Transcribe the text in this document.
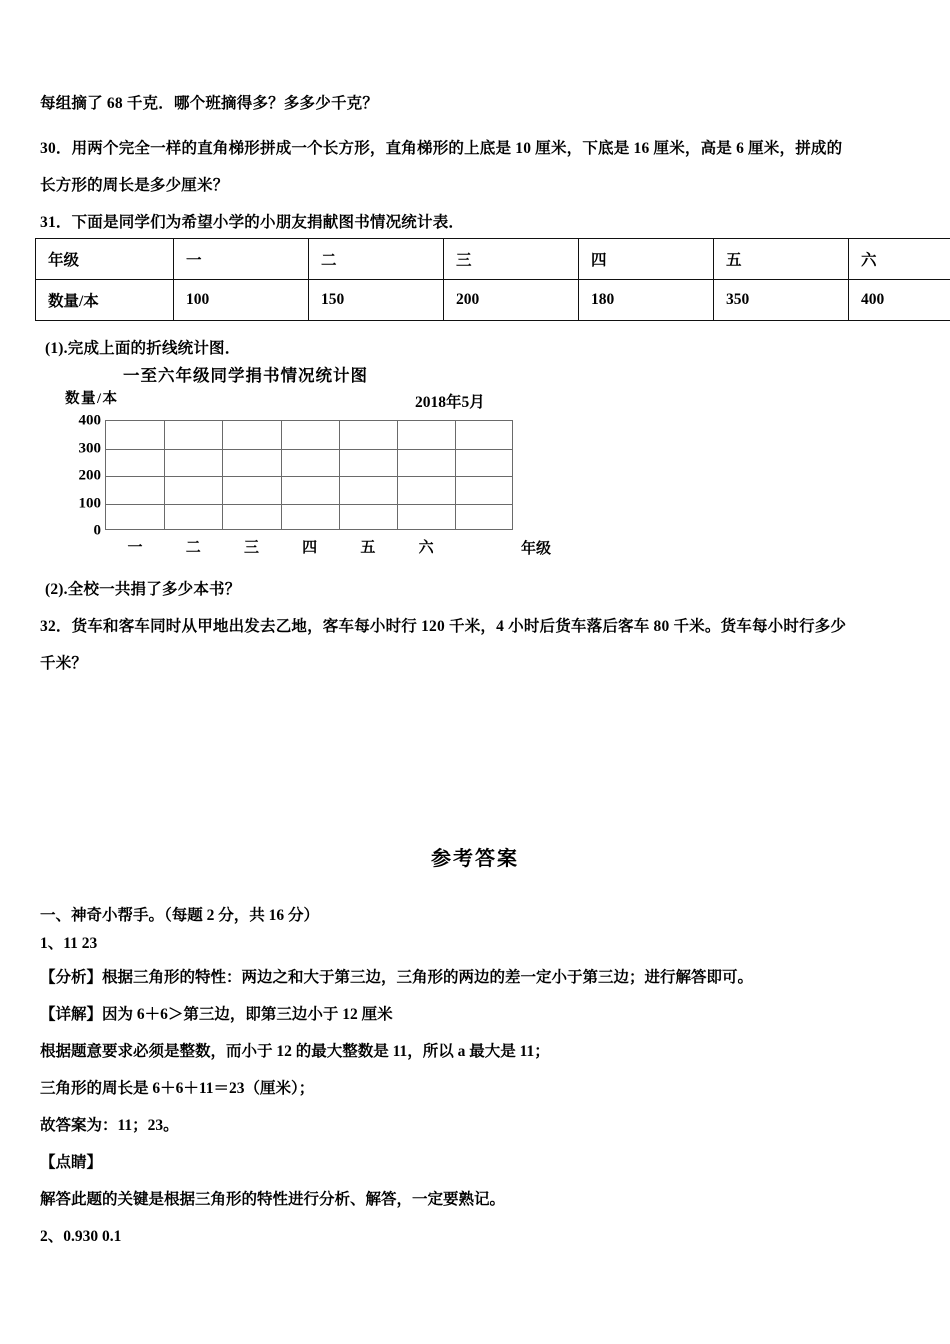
每组摘了 68 千克．哪个班摘得多？多多少千克？
30．用两个完全一样的直角梯形拼成一个长方形，直角梯形的上底是 10 厘米，下底是 16 厘米，高是 6 厘米，拼成的
长方形的周长是多少厘米？
31．下面是同学们为希望小学的小朋友捐献图书情况统计表．
年级	一	二	三	四	五	六
数量/本	100	150	200	180	350	400
(1).完成上面的折线统计图．
一至六年级同学捐书情况统计图
数量/本	2018年5月
400
300
200
100
0
一	二	三	四	五	六	年级
(2).全校一共捐了多少本书？
32．货车和客车同时从甲地出发去乙地，客车每小时行 120 千米，4 小时后货车落后客车 80 千米。货车每小时行多少
千米？
参考答案
一、神奇小帮手。（每题 2 分，共 16 分）
1、11 23
【分析】根据三角形的特性：两边之和大于第三边，三角形的两边的差一定小于第三边；进行解答即可。
【详解】因为 6＋6＞第三边，即第三边小于 12 厘米
根据题意要求必须是整数，而小于 12 的最大整数是 11，所以 a 最大是 11；
三角形的周长是 6＋6＋11＝23（厘米）；
故答案为：11；23。
【点睛】
解答此题的关键是根据三角形的特性进行分析、解答，一定要熟记。
2、0.930 0.1
